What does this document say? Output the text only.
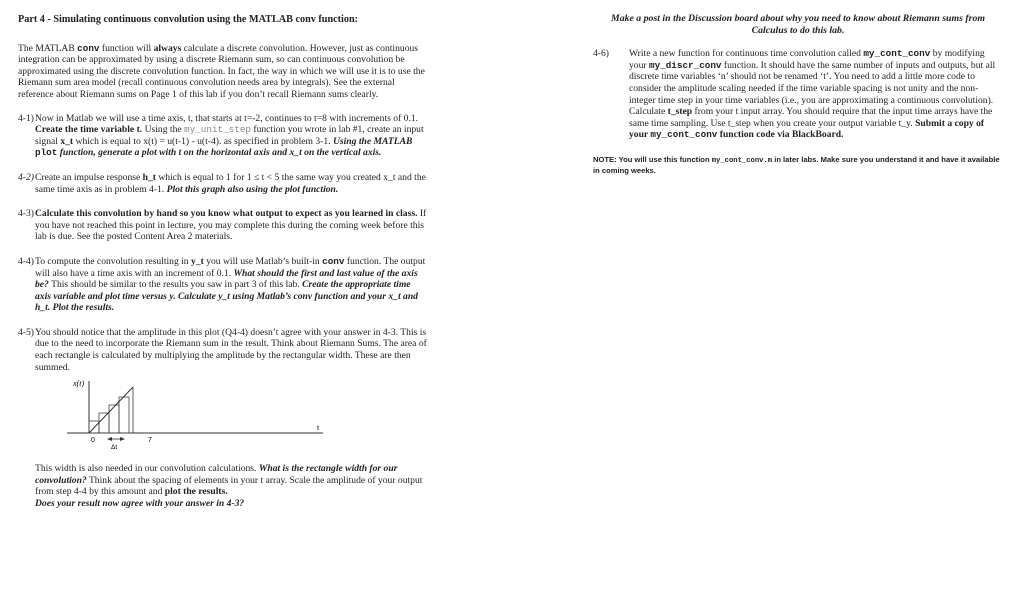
Part 4 - Simulating continuous convolution using the MATLAB conv function:

The MATLAB conv function will always calculate a discrete convolution. However, just as continuous integration can be approximated by using a discrete Riemann sum, so can continuous convolution be approximated using the discrete convolution function. In fact, the way in which we will use it is to use the Riemann sum area model (recall continuous convolution needs area by integrals). See the external reference about Riemann sums on Page 1 of this lab if you don’t recall Riemann sums clearly.

4-1) Now in Matlab we will use a time axis, t, that starts at t=-2, continues to t=8 with increments of 0.1. Create the time variable t. Using the my_unit_step function you wrote in lab #1, create an input signal x_t which is equal to x(t) = u(t-1) - u(t-4). as specified in problem 3-1. Using the MATLAB plot function, generate a plot with t on the horizontal axis and x_t on the vertical axis.
4-2) Create an impulse response h_t which is equal to 1 for 1 ≤ t < 5 the same way you created x_t and the same time axis as in problem 4-1. Plot this graph also using the plot function.
4-3) Calculate this convolution by hand so you know what output to expect as you learned in class. If you have not reached this point in lecture, you may complete this during the coming week before this lab is due. See the posted Content Area 2 materials.
4-4) To compute the convolution resulting in y_t you will use Matlab’s built-in conv function. The output will also have a time axis with an increment of 0.1. What should the first and last value of the axis be? This should be similar to the results you saw in part 3 of this lab. Create the appropriate time axis variable and plot time versus y. Calculate y_t using Matlab’s conv function and your x_t and h_t. Plot the results.
4-5) You should notice that the amplitude in this plot (Q4-4) doesn’t agree with your answer in 4-3. This is due to the need to incorporate the Riemann sum in the result. Think about Riemann Sums. The area of each rectangle is calculated by multiplying the amplitude by the rectangular width. These are then summed.
x(t)
t
0	7
Δt

This width is also needed in our convolution calculations. What is the rectangle width for our convolution? Think about the spacing of elements in your t array. Scale the amplitude of your output from step 4-4 by this amount and plot the results.
Does your result now agree with your answer in 4-3?

Make a post in the Discussion board about why you need to know about Riemann sums from Calculus to do this lab.

4-6) Write a new function for continuous time convolution called my_cont_conv by modifying your my_discr_conv function. It should have the same number of inputs and outputs, but all discrete time variables ‘n’ should not be renamed ‘t’. You need to add a little more code to consider the amplitude scaling needed if the time variable spacing is not unity and the non-integer time step in your time variables (i.e., you are approximating a continuous convolution). Calculate t_step from your t input array. You should require that the input time arrays have the same time sampling. Use t_step when you create your output variable t_y. Submit a copy of your my_cont_conv function code via BlackBoard.

NOTE: You will use this function my_cont_conv.m in later labs. Make sure you understand it and have it available in coming weeks.
